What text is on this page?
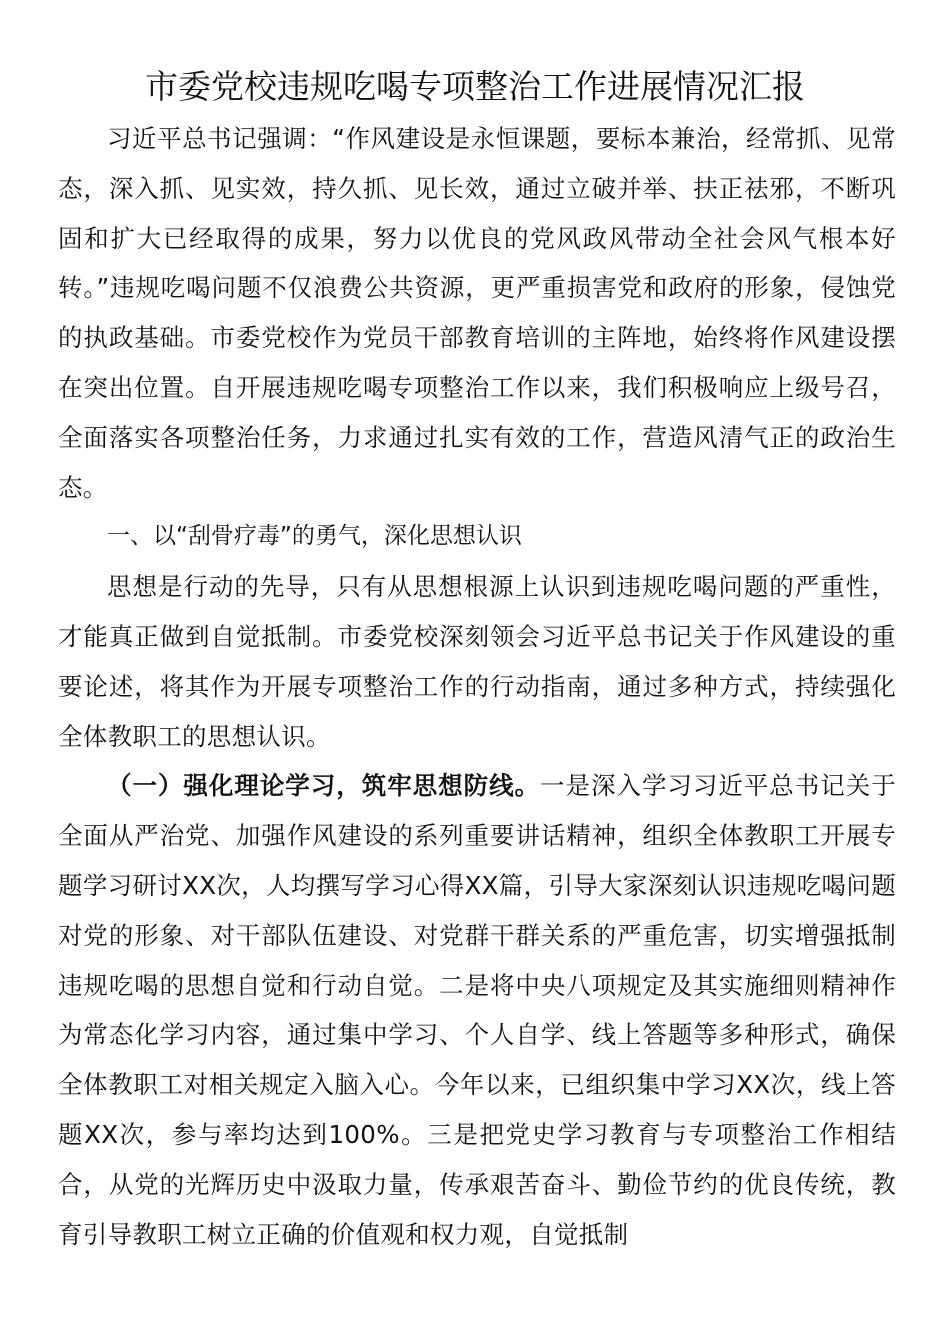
市委党校违规吃喝专项整治工作进展情况汇报

习近平总书记强调：“作风建设是永恒课题，要标本兼治，经常抓、见常态，深入抓、见实效，持久抓、见长效，通过立破并举、扶正祛邪，不断巩固和扩大已经取得的成果，努力以优良的党风政风带动全社会风气根本好转。”违规吃喝问题不仅浪费公共资源，更严重损害党和政府的形象，侵蚀党的执政基础。市委党校作为党员干部教育培训的主阵地，始终将作风建设摆在突出位置。自开展违规吃喝专项整治工作以来，我们积极响应上级号召，全面落实各项整治任务，力求通过扎实有效的工作，营造风清气正的政治生态。

一、以“刮骨疗毒”的勇气，深化思想认识

思想是行动的先导，只有从思想根源上认识到违规吃喝问题的严重性，才能真正做到自觉抵制。市委党校深刻领会习近平总书记关于作风建设的重要论述，将其作为开展专项整治工作的行动指南，通过多种方式，持续强化全体教职工的思想认识。

（一）强化理论学习，筑牢思想防线。一是深入学习习近平总书记关于全面从严治党、加强作风建设的系列重要讲话精神，组织全体教职工开展专题学习研讨XX次，人均撰写学习心得XX篇，引导大家深刻认识违规吃喝问题对党的形象、对干部队伍建设、对党群干群关系的严重危害，切实增强抵制违规吃喝的思想自觉和行动自觉。二是将中央八项规定及其实施细则精神作为常态化学习内容，通过集中学习、个人自学、线上答题等多种形式，确保全体教职工对相关规定入脑入心。今年以来，已组织集中学习XX次，线上答题XX次，参与率均达到100%。三是把党史学习教育与专项整治工作相结合，从党的光辉历史中汲取力量，传承艰苦奋斗、勤俭节约的优良传统，教育引导教职工树立正确的价值观和权力观，自觉抵制
